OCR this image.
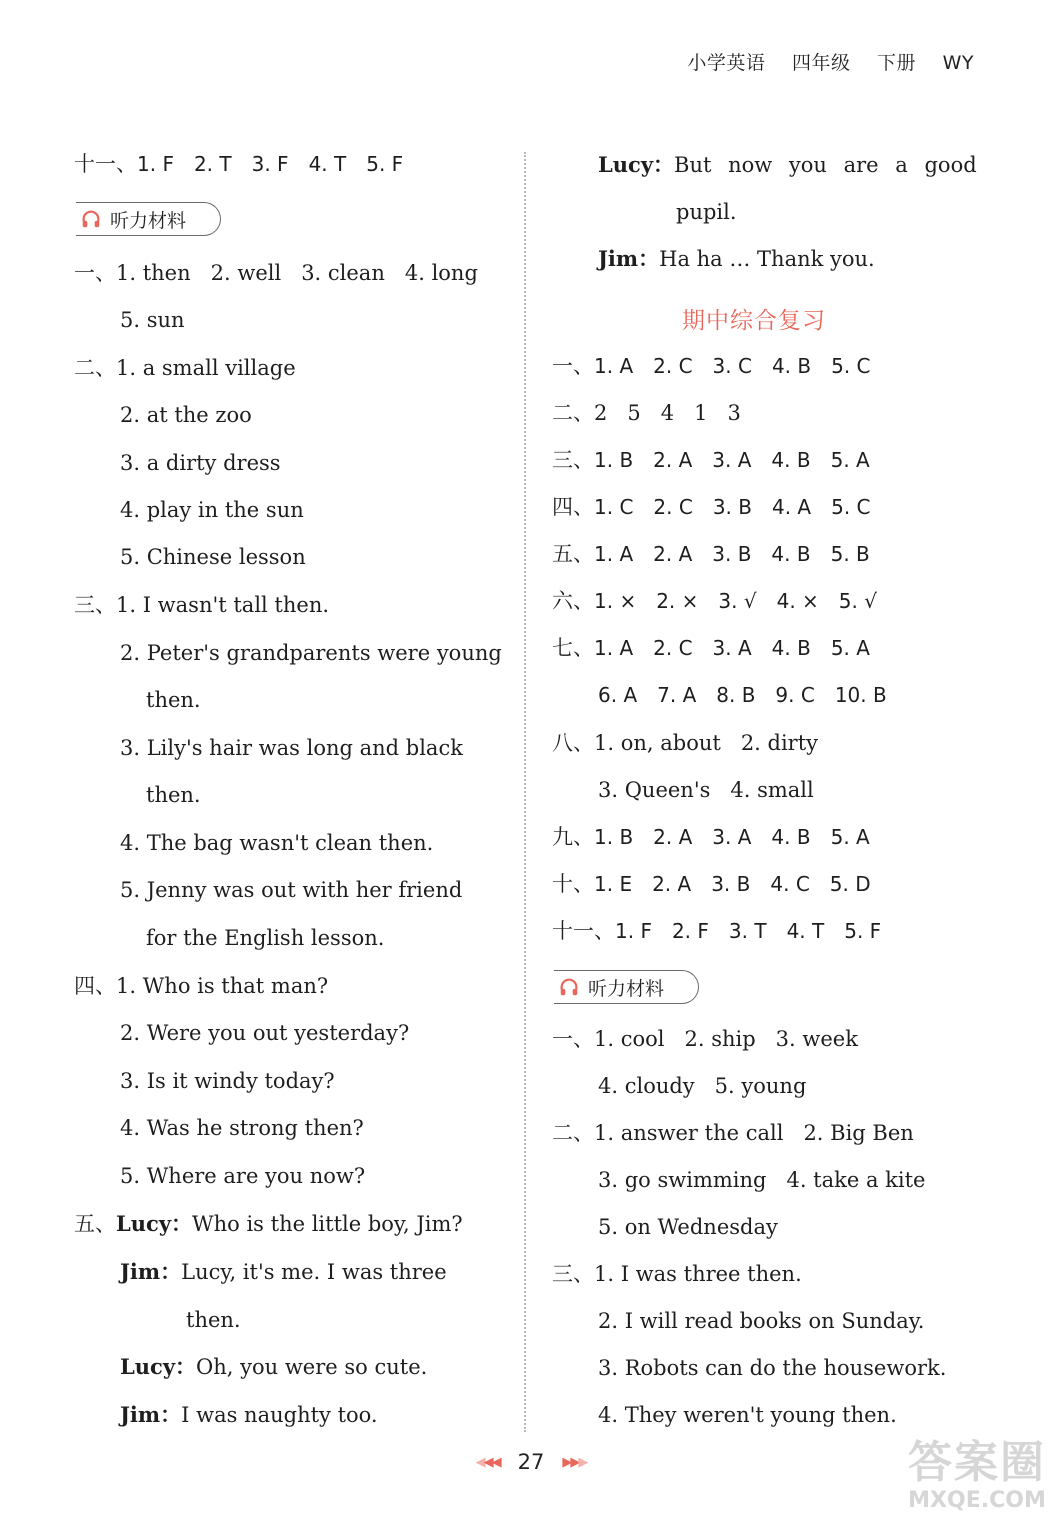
小学英语 四年级 下册 WY
十一、1. F 2. T 3. F 4. T 5. F
听力材料
一、1. then 2. well 3. clean 4. long
5. sun
二、1. a small village
2. at the zoo
3. a dirty dress
4. play in the sun
5. Chinese lesson
三、1. I wasn't tall then.
2. Peter's grandparents were young
then.
3. Lily's hair was long and black
then.
4. The bag wasn't clean then.
5. Jenny was out with her friend
for the English lesson.
四、1. Who is that man?
2. Were you out yesterday?
3. Is it windy today?
4. Was he strong then?
5. Where are you now?
五、Lucy：Who is the little boy, Jim?
Jim：Lucy, it's me. I was three
then.
Lucy：Oh, you were so cute.
Jim：I was naughty too.
Lucy：But now you are a good
pupil.
Jim：Ha ha … Thank you.
期中综合复习
一、1. A 2. C 3. C 4. B 5. C
二、2 5 4 1 3
三、1. B 2. A 3. A 4. B 5. A
四、1. C 2. C 3. B 4. A 5. C
五、1. A 2. A 3. B 4. B 5. B
六、1. × 2. × 3. √ 4. × 5. √
七、1. A 2. C 3. A 4. B 5. A
6. A 7. A 8. B 9. C 10. B
八、1. on, about 2. dirty
3. Queen's 4. small
九、1. B 2. A 3. A 4. B 5. A
十、1. E 2. A 3. B 4. C 5. D
十一、1. F 2. F 3. T 4. T 5. F
听力材料
一、1. cool 2. ship 3. week
4. cloudy 5. young
二、1. answer the call 2. Big Ben
3. go swimming 4. take a kite
5. on Wednesday
三、1. I was three then.
2. I will read books on Sunday.
3. Robots can do the housework.
4. They weren't young then.
◀◀◀ 27 ▶▶▶	答案圈
MXQE.COM
